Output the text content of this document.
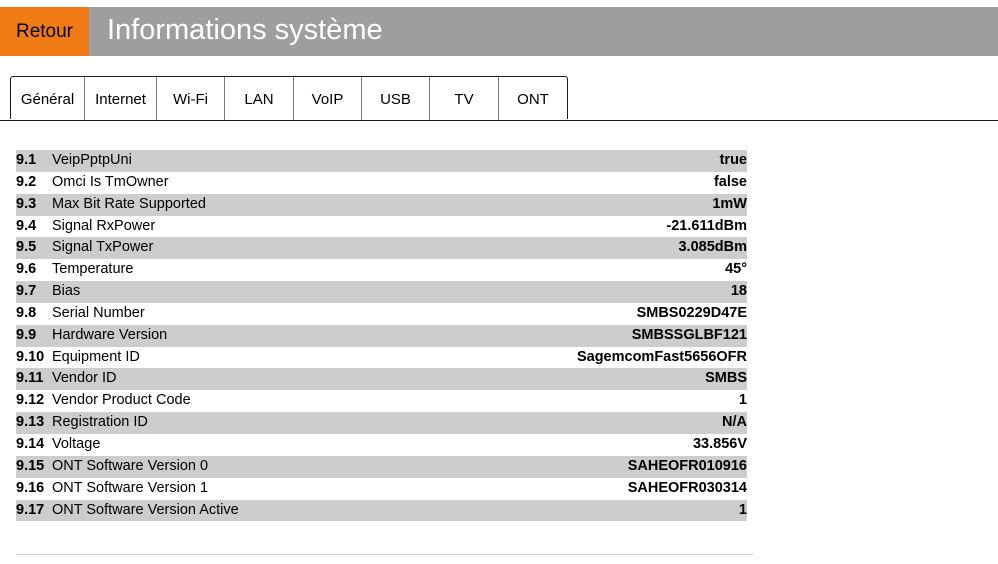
Retour	Informations système
Général	Internet	Wi-Fi	LAN	VoIP	USB	TV	ONT
9.1	VeipPptpUni	true
9.2	Omci Is TmOwner	false
9.3	Max Bit Rate Supported	1mW
9.4	Signal RxPower	-21.611dBm
9.5	Signal TxPower	3.085dBm
9.6	Temperature	45°
9.7	Bias	18
9.8	Serial Number	SMBS0229D47E
9.9	Hardware Version	SMBSSGLBF121
9.10	Equipment ID	SagemcomFast5656OFR
9.11	Vendor ID	SMBS
9.12	Vendor Product Code	1
9.13	Registration ID	N/A
9.14	Voltage	33.856V
9.15	ONT Software Version 0	SAHEOFR010916
9.16	ONT Software Version 1	SAHEOFR030314
9.17	ONT Software Version Active	1
